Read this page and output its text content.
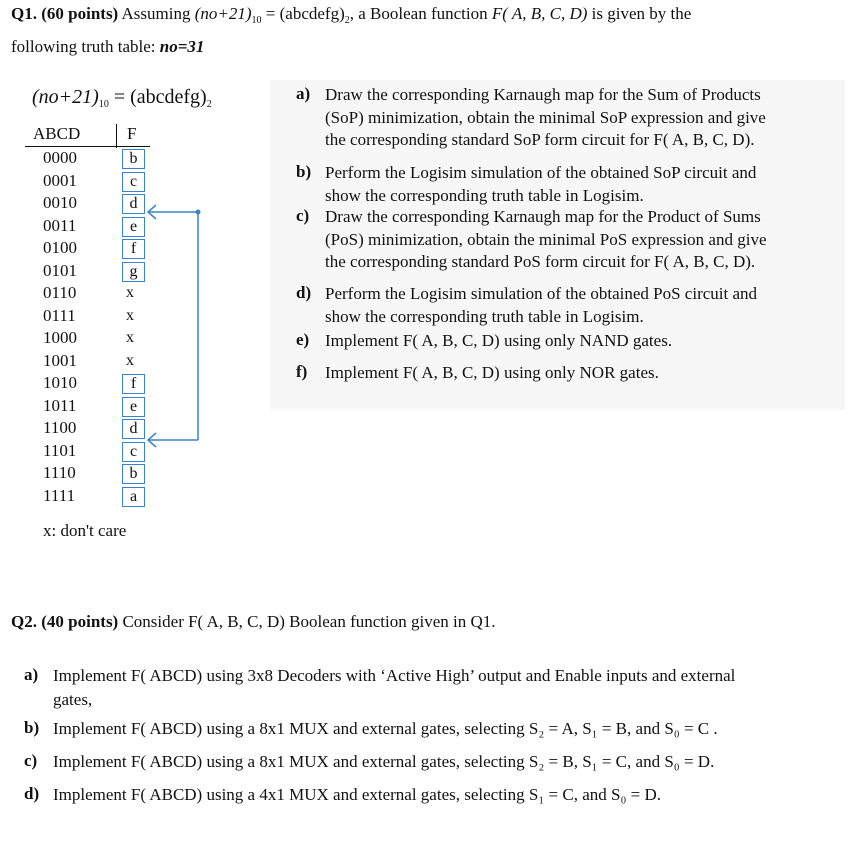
Q1. (60 points) Assuming $(no+21)_{10}$ = $(abcdefg)_2$, a Boolean function F( A, B, C, D) is given by the
following truth table: no=31
$(no+21)_{10}$ = $(abcdefg)_2$
ABCD	F
0000	b
0001	c
0010	d
0011	e
0100	f
0101	g
0110	x
0111	x
1000	x
1001	x
1010	f
1011	e
1100	d
1101	c
1110	b
1111	a
x: don't care
a) Draw the corresponding Karnaugh map for the Sum of Products
(SoP) minimization, obtain the minimal SoP expression and give
the corresponding standard SoP form circuit for F( A, B, C, D).
b) Perform the Logisim simulation of the obtained SoP circuit and
show the corresponding truth table in Logisim.
c) Draw the corresponding Karnaugh map for the Product of Sums
(PoS) minimization, obtain the minimal PoS expression and give
the corresponding standard PoS form circuit for F( A, B, C, D).
d) Perform the Logisim simulation of the obtained PoS circuit and
show the corresponding truth table in Logisim.
e) Implement F( A, B, C, D) using only NAND gates.
f) Implement F( A, B, C, D) using only NOR gates.
Q2. (40 points) Consider F( A, B, C, D) Boolean function given in Q1.
a) Implement F( ABCD) using 3x8 Decoders with ‘Active High’ output and Enable inputs and external
gates,
b) Implement F( ABCD) using a 8x1 MUX and external gates, selecting S₂ = A, S₁ = B, and S₀ = C .
c) Implement F( ABCD) using a 8x1 MUX and external gates, selecting S₂ = B, S₁ = C, and S₀ = D.
d) Implement F( ABCD) using a 4x1 MUX and external gates, selecting S₁ = C, and S₀ = D.
